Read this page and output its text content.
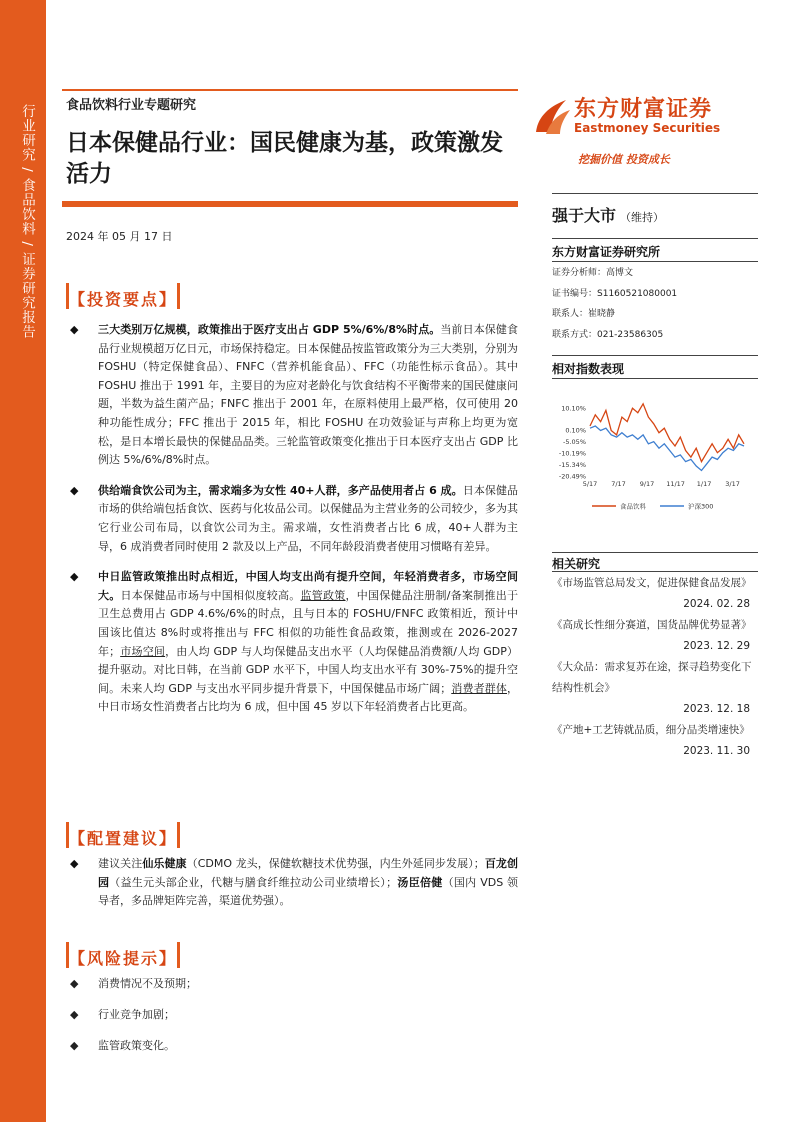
行业研究 / 食品饮料 / 证券研究报告 食品饮料行业专题研究
日本保健品行业：国民健康为基，政策激发活力
2024 年 05 月 17 日
东方财富证券
Eastmoney Securities
挖掘价值 投资成长
强于大市 （维持）
东方财富证券研究所
证券分析师：高博文
证书编号：S1160521080001
联系人：崔晓静
联系方式：021-23586305
相对指数表现
10.10%
0.10%
-5.05%
-10.19%
-15.34%
-20.49%
5/17 7/17 9/17 11/17 1/17 3/17
食品饮料	沪深300
相关研究
《市场监管总局发文，促进保健食品发展》
2024. 02. 28
《高成长性细分赛道，国货品牌优势显著》
2023. 12. 29
《大众品：需求复苏在途，探寻趋势变化下结构性机会》
2023. 12. 18
《产地+工艺铸就品质，细分品类增速快》
2023. 11. 30
【投资要点】
◆ 三大类别万亿规模，政策推出于医疗支出占 GDP 5%/6%/8%时点。当前日本保健食品行业规模超万亿日元，市场保持稳定。日本保健品按监管政策分为三大类别，分别为 FOSHU（特定保健食品）、FNFC（营养机能食品）、FFC（功能性标示食品）。其中 FOSHU 推出于 1991 年，主要目的为应对老龄化与饮食结构不平衡带来的国民健康问题，半数为益生菌产品；FNFC 推出于 2001 年，在原料使用上最严格，仅可使用 20 种功能性成分；FFC 推出于 2015 年，相比 FOSHU 在功效验证与声称上均更为宽松，是日本增长最快的保健品品类。三轮监管政策变化推出于日本医疗支出占 GDP 比例达 5%/6%/8%时点。
◆ 供给端食饮公司为主，需求端多为女性 40+人群，多产品使用者占 6 成。日本保健品市场的供给端包括食饮、医药与化妆品公司。以保健品为主营业务的公司较少，多为其它行业公司布局，以食饮公司为主。需求端，女性消费者占比 6 成，40+人群为主导，6 成消费者同时使用 2 款及以上产品，不同年龄段消费者使用习惯略有差异。
◆ 中日监管政策推出时点相近，中国人均支出尚有提升空间，年轻消费者多，市场空间大。日本保健品市场与中国相似度较高。监管政策，中国保健品注册制/备案制推出于卫生总费用占 GDP 4.6%/6%的时点，且与日本的 FOSHU/FNFC 政策相近，预计中国该比值达 8%时或将推出与 FFC 相似的功能性食品政策，推测或在 2026-2027 年；市场空间，由人均 GDP 与人均保健品支出水平（人均保健品消费额/人均 GDP）提升驱动。对比日韩，在当前 GDP 水平下，中国人均支出水平有 30%-75%的提升空间。未来人均 GDP 与支出水平同步提升背景下，中国保健品市场广阔；消费者群体，中日市场女性消费者占比均为 6 成，但中国 45 岁以下年轻消费者占比更高。
【配置建议】
◆ 建议关注仙乐健康（CDMO 龙头，保健软糖技术优势强，内生外延同步发展）；百龙创园（益生元头部企业，代糖与膳食纤维拉动公司业绩增长）；汤臣倍健（国内 VDS 领导者，多品牌矩阵完善，渠道优势强）。
【风险提示】
◆ 消费情况不及预期；
◆ 行业竞争加剧；
◆ 监管政策变化。
